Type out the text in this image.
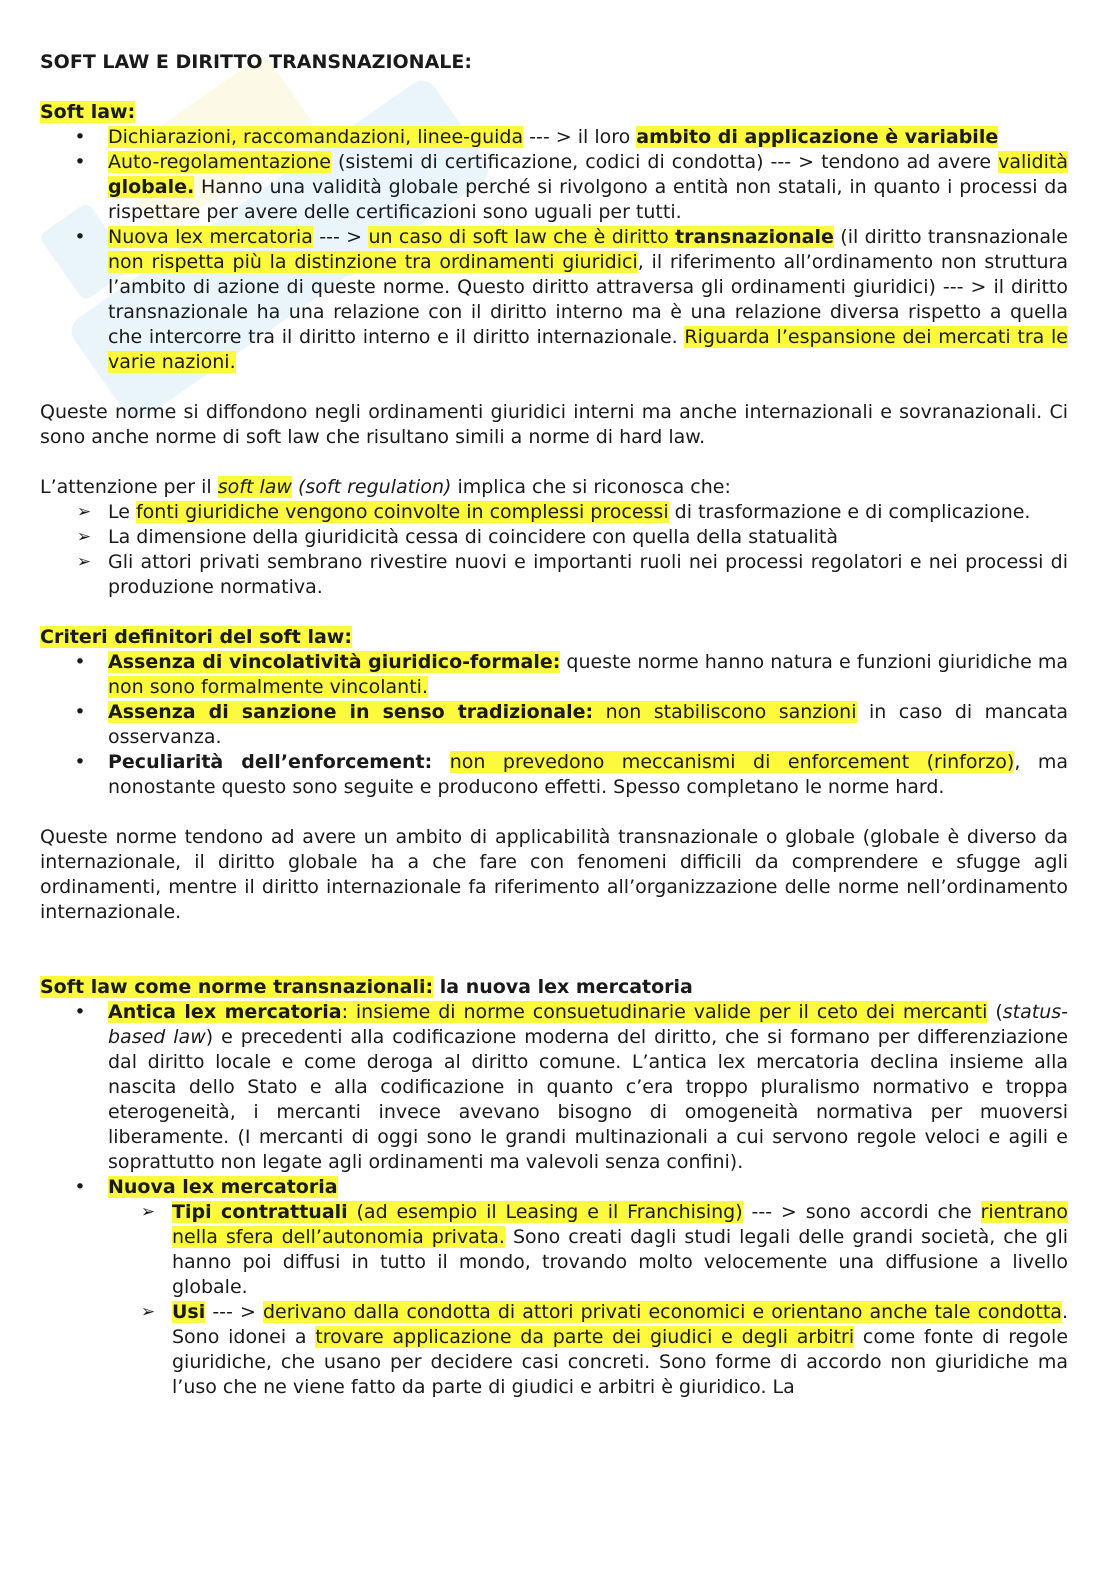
SOFT LAW E DIRITTO TRANSNAZIONALE:

Soft law:

•
Dichiarazioni, raccomandazioni, linee-guida --- > il loro ambito di applicazione è variabile
•
Auto-regolamentazione (sistemi di certificazione, codici di condotta) --- > tendono ad avere validità globale. Hanno una validità globale perché si rivolgono a entità non statali, in quanto i processi da rispettare per avere delle certificazioni sono uguali per tutti.
•
Nuova lex mercatoria --- > un caso di soft law che è diritto transnazionale (il diritto transnazionale non rispetta più la distinzione tra ordinamenti giuridici, il riferimento all’ordinamento non struttura l’ambito di azione di queste norme. Questo diritto attraversa gli ordinamenti giuridici) --- > il diritto transnazionale ha una relazione con il diritto interno ma è una relazione diversa rispetto a quella che intercorre tra il diritto interno e il diritto internazionale. Riguarda l’espansione dei mercati tra le varie nazioni.

Queste norme si diffondono negli ordinamenti giuridici interni ma anche internazionali e sovranazionali. Ci sono anche norme di soft law che risultano simili a norme di hard law.

L’attenzione per il soft law (soft regulation) implica che si riconosca che:

➢
Le fonti giuridiche vengono coinvolte in complessi processi di trasformazione e di complicazione.
➢
La dimensione della giuridicità cessa di coincidere con quella della statualità
➢
Gli attori privati sembrano rivestire nuovi e importanti ruoli nei processi regolatori e nei processi di produzione normativa.

Criteri definitori del soft law:

•
Assenza di vincolatività giuridico-formale: queste norme hanno natura e funzioni giuridiche ma non sono formalmente vincolanti.
•
Assenza di sanzione in senso tradizionale: non stabiliscono sanzioni in caso di mancata osservanza.
•
Peculiarità dell’enforcement: non prevedono meccanismi di enforcement (rinforzo), ma nonostante questo sono seguite e producono effetti. Spesso completano le norme hard.

Queste norme tendono ad avere un ambito di applicabilità transnazionale o globale (globale è diverso da internazionale, il diritto globale ha a che fare con fenomeni difficili da comprendere e sfugge agli ordinamenti, mentre il diritto internazionale fa riferimento all’organizzazione delle norme nell’ordinamento internazionale.

Soft law come norme transnazionali: la nuova lex mercatoria

•
Antica lex mercatoria: insieme di norme consuetudinarie valide per il ceto dei mercanti (status-based law) e precedenti alla codificazione moderna del diritto, che si formano per differenziazione dal diritto locale e come deroga al diritto comune. L’antica lex mercatoria declina insieme alla nascita dello Stato e alla codificazione in quanto c’era troppo pluralismo normativo e troppa eterogeneità, i mercanti invece avevano bisogno di omogeneità normativa per muoversi liberamente. (I mercanti di oggi sono le grandi multinazionali a cui servono regole veloci e agili e soprattutto non legate agli ordinamenti ma valevoli senza confini).
•
Nuova lex mercatoria
➢
Tipi contrattuali (ad esempio il Leasing e il Franchising) --- > sono accordi che rientrano nella sfera dell’autonomia privata. Sono creati dagli studi legali delle grandi società, che gli hanno poi diffusi in tutto il mondo, trovando molto velocemente una diffusione a livello globale.
➢
Usi --- > derivano dalla condotta di attori privati economici e orientano anche tale condotta. Sono idonei a trovare applicazione da parte dei giudici e degli arbitri come fonte di regole giuridiche, che usano per decidere casi concreti. Sono forme di accordo non giuridiche ma l’uso che ne viene fatto da parte di giudici e arbitri è giuridico. La
